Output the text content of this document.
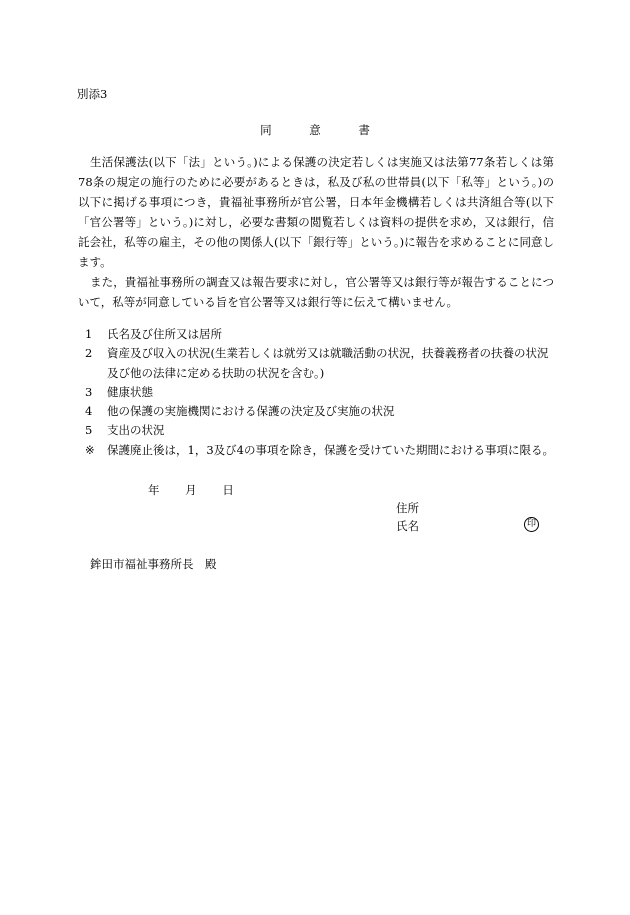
別添3
同	意	書
生活保護法(以下「法」という。)による保護の決定若しくは実施又は法第77条若しくは第78条の規定の施行のために必要があるときは，私及び私の世帯員(以下「私等」という。)の以下に掲げる事項につき，貴福祉事務所が官公署，日本年金機構若しくは共済組合等(以下「官公署等」という。)に対し，必要な書類の閲覧若しくは資料の提供を求め，又は銀行，信託会社，私等の雇主，その他の関係人(以下「銀行等」という。)に報告を求めることに同意します。
また，貴福祉事務所の調査又は報告要求に対し，官公署等又は銀行等が報告することについて，私等が同意している旨を官公署等又は銀行等に伝えて構いません。
1 氏名及び住所又は居所
2 資産及び収入の状況(生業若しくは就労又は就職活動の状況，扶養義務者の扶養の状況及び他の法律に定める扶助の状況を含む。)
3 健康状態
4 他の保護の実施機関における保護の決定及び実施の状況
5 支出の状況
※ 保護廃止後は，1，3及び4の事項を除き，保護を受けていた期間における事項に限る。
年 月 日
住所
氏名	印
鉾田市福祉事務所長　殿
